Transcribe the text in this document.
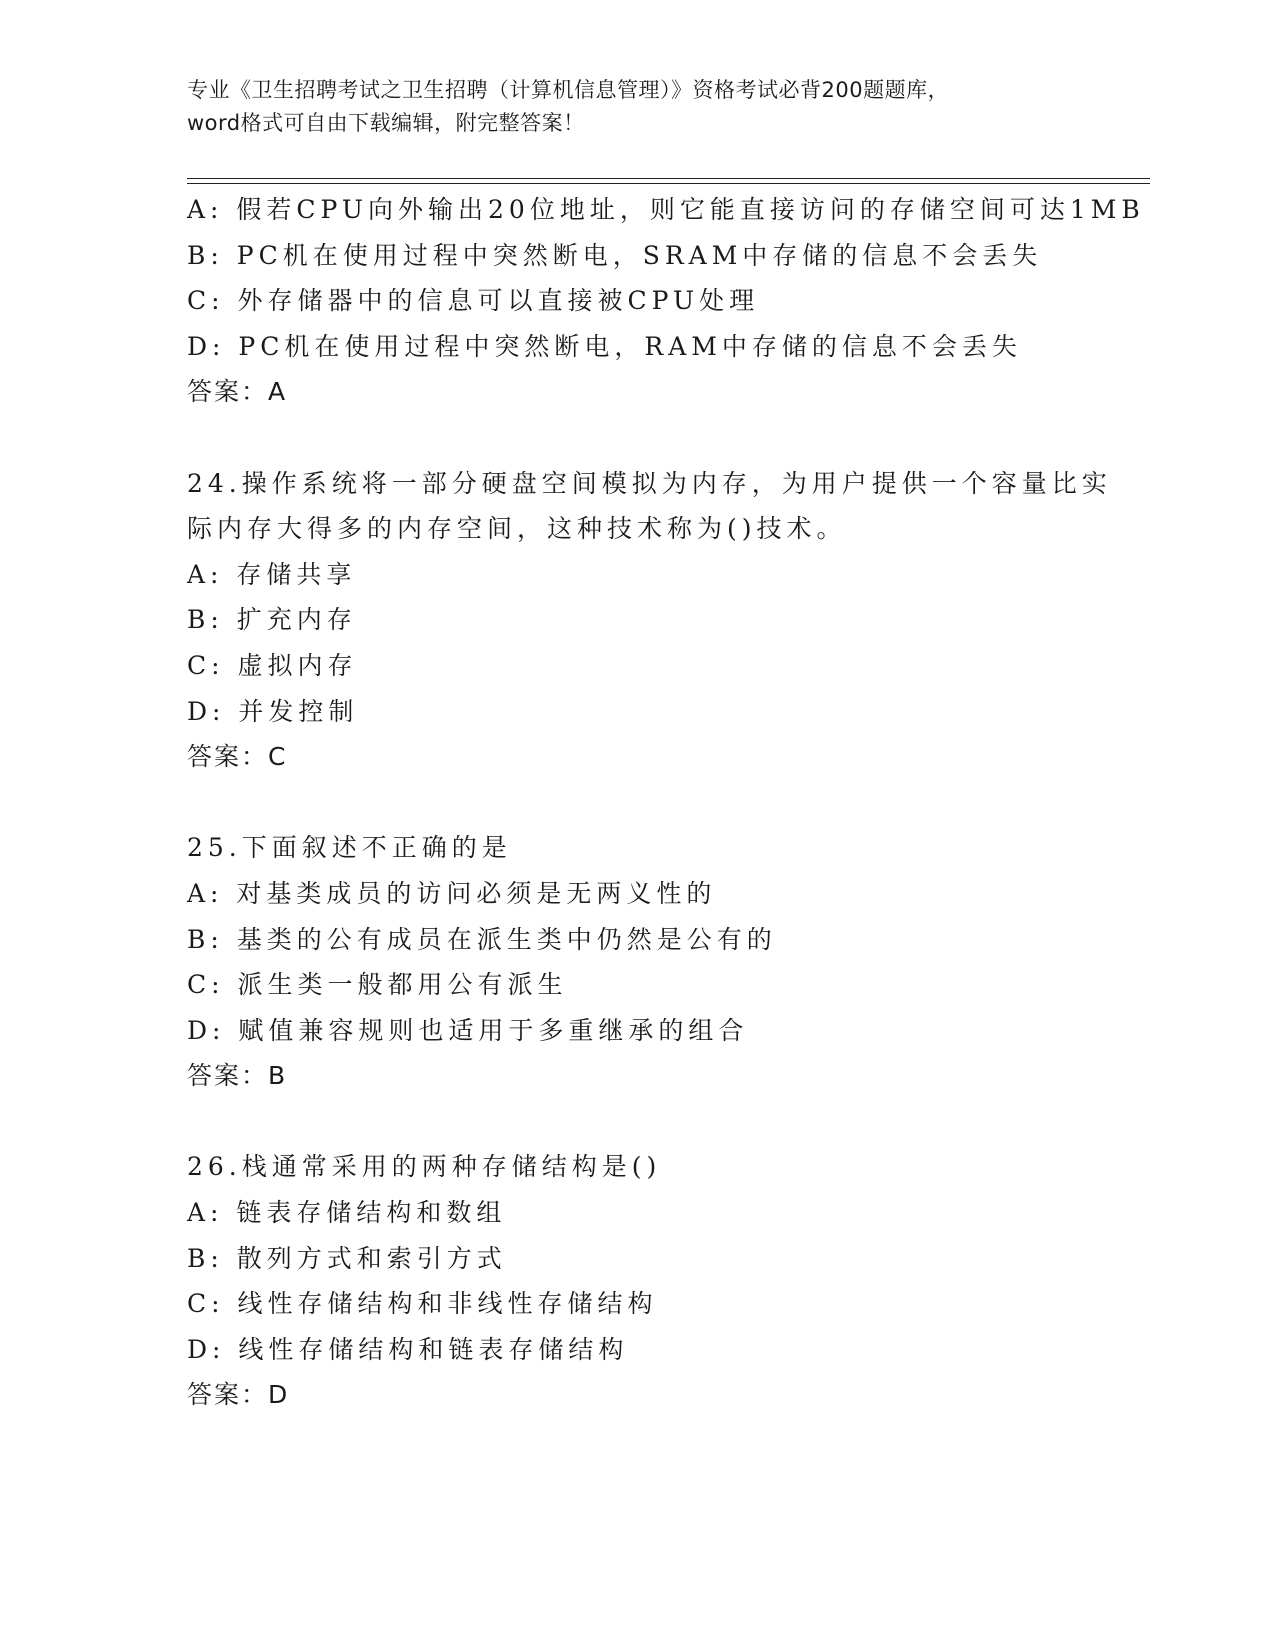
专业《卫生招聘考试之卫生招聘（计算机信息管理）》资格考试必背200题题库，
word格式可自由下载编辑，附完整答案！
A: 假若CPU向外输出20位地址，则它能直接访问的存储空间可达1MB
B: PC机在使用过程中突然断电，SRAM中存储的信息不会丢失
C: 外存储器中的信息可以直接被CPU处理
D: PC机在使用过程中突然断电，RAM中存储的信息不会丢失
答案：A
24.操作系统将一部分硬盘空间模拟为内存，为用户提供一个容量比实
际内存大得多的内存空间，这种技术称为()技术。
A: 存储共享
B: 扩充内存
C: 虚拟内存
D: 并发控制
答案：C
25.下面叙述不正确的是
A: 对基类成员的访问必须是无两义性的
B: 基类的公有成员在派生类中仍然是公有的
C: 派生类一般都用公有派生
D: 赋值兼容规则也适用于多重继承的组合
答案：B
26.栈通常采用的两种存储结构是()
A: 链表存储结构和数组
B: 散列方式和索引方式
C: 线性存储结构和非线性存储结构
D: 线性存储结构和链表存储结构
答案：D
